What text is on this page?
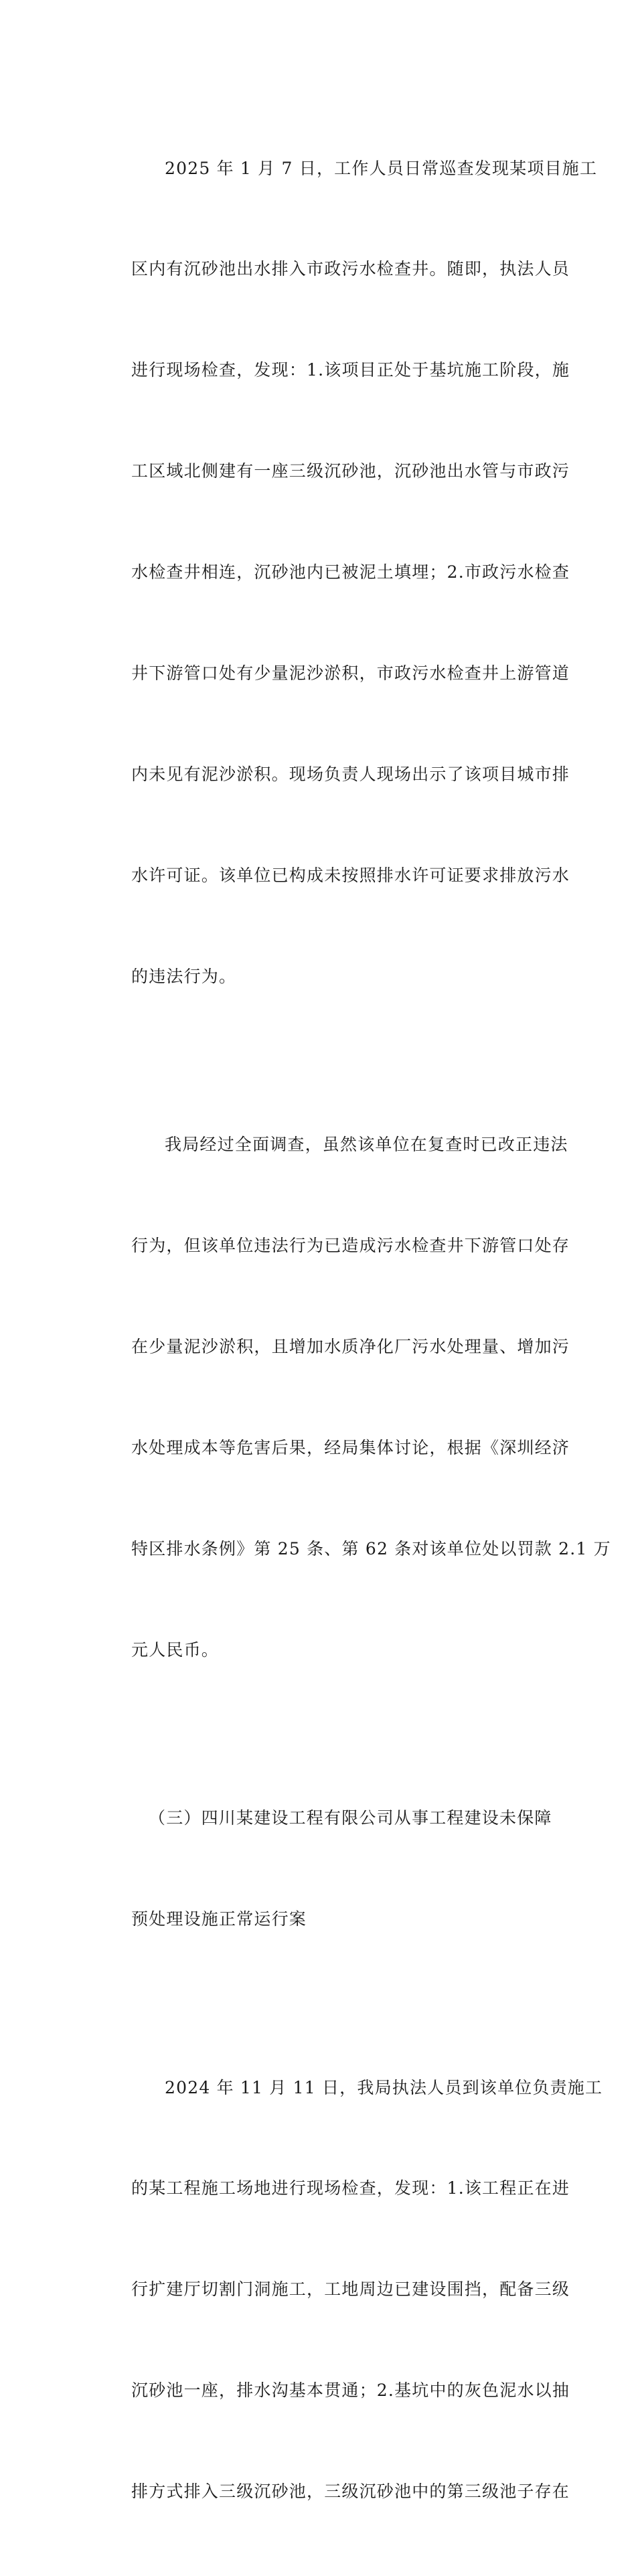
2025 年 1 月 7 日，工作人员日常巡查发现某项目施工

区内有沉砂池出水排入市政污水检查井。随即，执法人员

进行现场检查，发现：1.该项目正处于基坑施工阶段，施

工区域北侧建有一座三级沉砂池，沉砂池出水管与市政污

水检查井相连，沉砂池内已被泥土填埋；2.市政污水检查

井下游管口处有少量泥沙淤积，市政污水检查井上游管道

内未见有泥沙淤积。现场负责人现场出示了该项目城市排

水许可证。该单位已构成未按照排水许可证要求排放污水

的违法行为。

我局经过全面调查，虽然该单位在复查时已改正违法

行为，但该单位违法行为已造成污水检查井下游管口处存

在少量泥沙淤积，且增加水质净化厂污水处理量、增加污

水处理成本等危害后果，经局集体讨论，根据《深圳经济

特区排水条例》第 25 条、第 62 条对该单位处以罚款 2.1 万

元人民币。

（三）四川某建设工程有限公司从事工程建设未保障

预处理设施正常运行案

2024 年 11 月 11 日，我局执法人员到该单位负责施工

的某工程施工场地进行现场检查，发现：1.该工程正在进

行扩建厅切割门洞施工，工地周边已建设围挡，配备三级

沉砂池一座，排水沟基本贯通；2.基坑中的灰色泥水以抽

排方式排入三级沉砂池，三级沉砂池中的第三级池子存在
